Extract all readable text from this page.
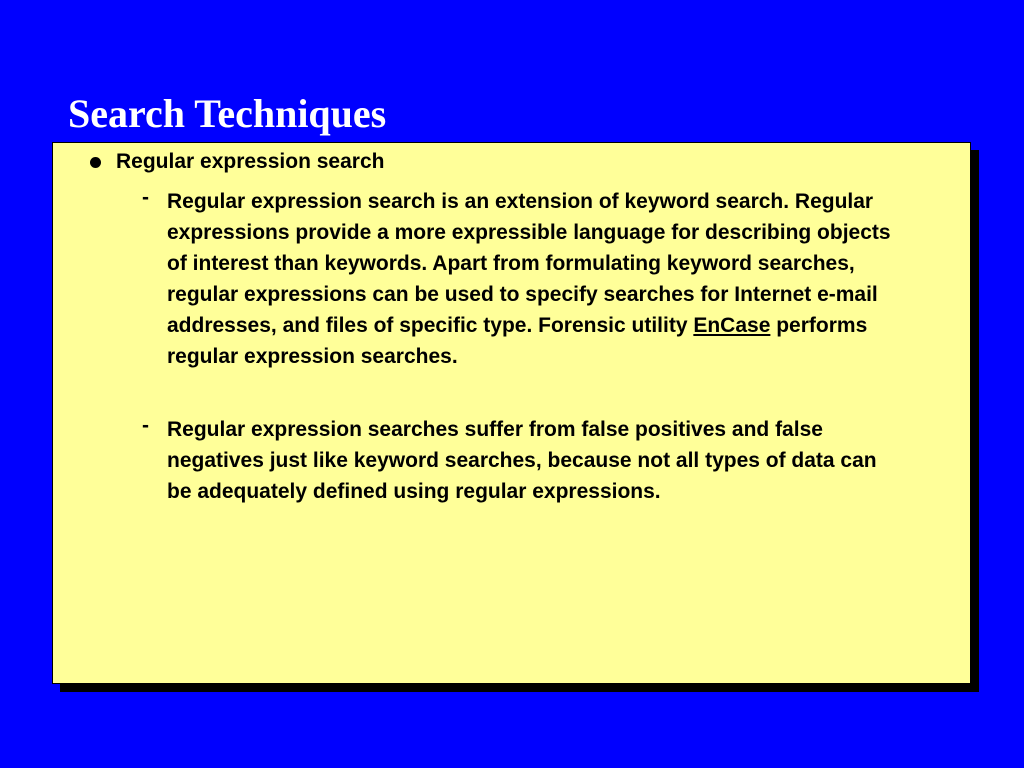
Search Techniques
Regular expression search
- Regular expression search is an extension of keyword search. Regular expressions provide a more expressible language for describing objects of interest than keywords. Apart from formulating keyword searches, regular expressions can be used to specify searches for Internet e-mail addresses, and files of specific type. Forensic utility EnCase performs regular expression searches.
- Regular expression searches suffer from false positives and false negatives just like keyword searches, because not all types of data can be adequately defined using regular expressions.
